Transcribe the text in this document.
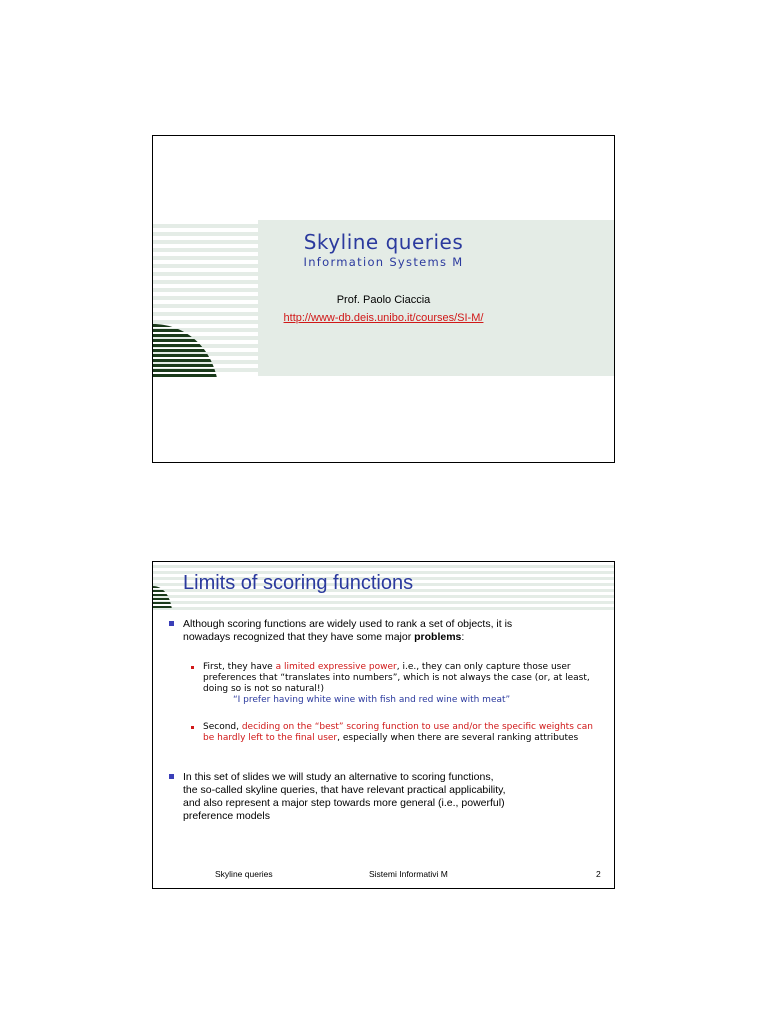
Skyline queries
Information Systems M
Prof. Paolo Ciaccia
http://www-db.deis.unibo.it/courses/SI-M/
Limits of scoring functions
Although scoring functions are widely used to rank a set of objects, it is
nowadays recognized that they have some major problems:
First, they have a limited expressive power, i.e., they can only capture those user preferences that “translates into numbers”, which is not always the case (or, at least, doing so is not so natural!)
“I prefer having white wine with fish and red wine with meat”
Second, deciding on the “best” scoring function to use and/or the specific weights can be hardly left to the final user, especially when there are several ranking attributes
In this set of slides we will study an alternative to scoring functions,
the so-called skyline queries, that have relevant practical applicability,
and also represent a major step towards more general (i.e., powerful)
preference models
Skyline queries	Sistemi Informativi M	2
